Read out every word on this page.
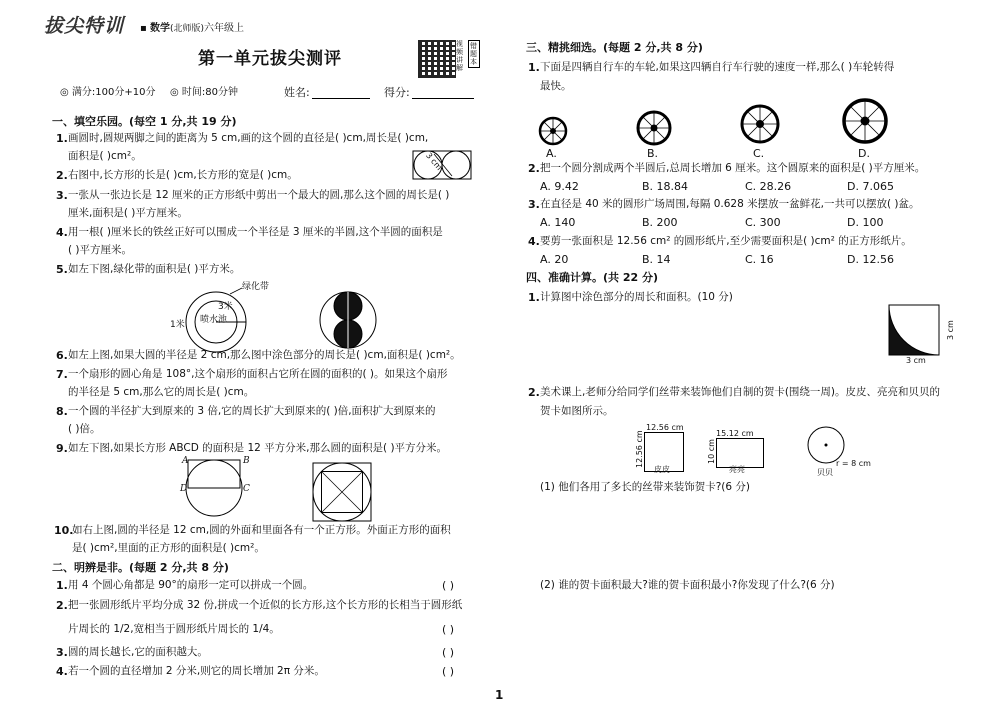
拔尖特训 ▪ 数学(北师版)六年级上
第一单元拔尖测评
视频讲解
错题本
◎ 满分:100分+10分 ◎ 时间:80分钟	姓名:	得分:
一、填空乐园。(每空 1 分,共 19 分)
1. 画圆时,圆规两脚之间的距离为 5 cm,画的这个圆的直径是( )cm,周长是( )cm,
面积是( )cm²。	3 cm
2. 右图中,长方形的长是( )cm,长方形的宽是( )cm。
3. 一张从一张边长是 12 厘米的正方形纸中剪出一个最大的圆,那么这个圆的周长是( )
厘米,面积是( )平方厘米。
4. 用一根( )厘米长的铁丝正好可以围成一个半径是 3 厘米的半圆,这个半圆的面积是
( )平方厘米。
5. 如左下图,绿化带的面积是( )平方米。
绿化带
喷水池
3米
1米
6. 如左上图,如果大圆的半径是 2 cm,那么图中涂色部分的周长是( )cm,面积是( )cm²。
7. 一个扇形的圆心角是 108°,这个扇形的面积占它所在圆的面积的( )。如果这个扇形
的半径是 5 cm,那么它的周长是( )cm。
8. 一个圆的半径扩大到原来的 3 倍,它的周长扩大到原来的( )倍,面积扩大到原来的
( )倍。
9. 如左下图,如果长方形 ABCD 的面积是 12 平方分米,那么圆的面积是( )平方分米。
A	B
D	C
10.
如右上图,圆的半径是 12 cm,圆的外面和里面各有一个正方形。外面正方形的面积
是( )cm²,里面的正方形的面积是( )cm²。
二、明辨是非。(每题 2 分,共 8 分)
1. 用 4 个圆心角都是 90°的扇形一定可以拼成一个圆。	( )
2. 把一张圆形纸片平均分成 32 份,拼成一个近似的长方形,这个长方形的长相当于圆形纸
片周长的 1/2,宽相当于圆形纸片周长的 1/4。	( )
3. 圆的周长越长,它的面积越大。	( )
4. 若一个圆的直径增加 2 分米,则它的周长增加 2π 分米。	( )
三、精挑细选。(每题 2 分,共 8 分)
1. 下面是四辆自行车的车轮,如果这四辆自行车行驶的速度一样,那么( )车轮转得
最快。
A.	B.	C.	D.
2. 把一个圆分割成两个半圆后,总周长增加 6 厘米。这个圆原来的面积是( )平方厘米。
A. 9.42	B. 18.84	C. 28.26	D. 7.065
3. 在直径是 40 米的圆形广场周围,每隔 0.628 米摆放一盆鲜花,一共可以摆放( )盆。
A. 140	B. 200	C. 300	D. 100
4. 要剪一张面积是 12.56 cm² 的圆形纸片,至少需要面积是( )cm² 的正方形纸片。
A. 20	B. 14	C. 16	D. 12.56
四、准确计算。(共 22 分)
1. 计算图中涂色部分的周长和面积。(10 分)
3 cm
3 cm
2. 美术课上,老师分给同学们丝带来装饰他们自制的贺卡(围绕一周)。皮皮、亮亮和贝贝的
贺卡如图所示。
12.56 cm
12.56 cm
皮皮
15.12 cm
10 cm
亮亮
r = 8 cm
贝贝
(1) 他们各用了多长的丝带来装饰贺卡?(6 分)
(2) 谁的贺卡面积最大?谁的贺卡面积最小?你发现了什么?(6 分)
1
